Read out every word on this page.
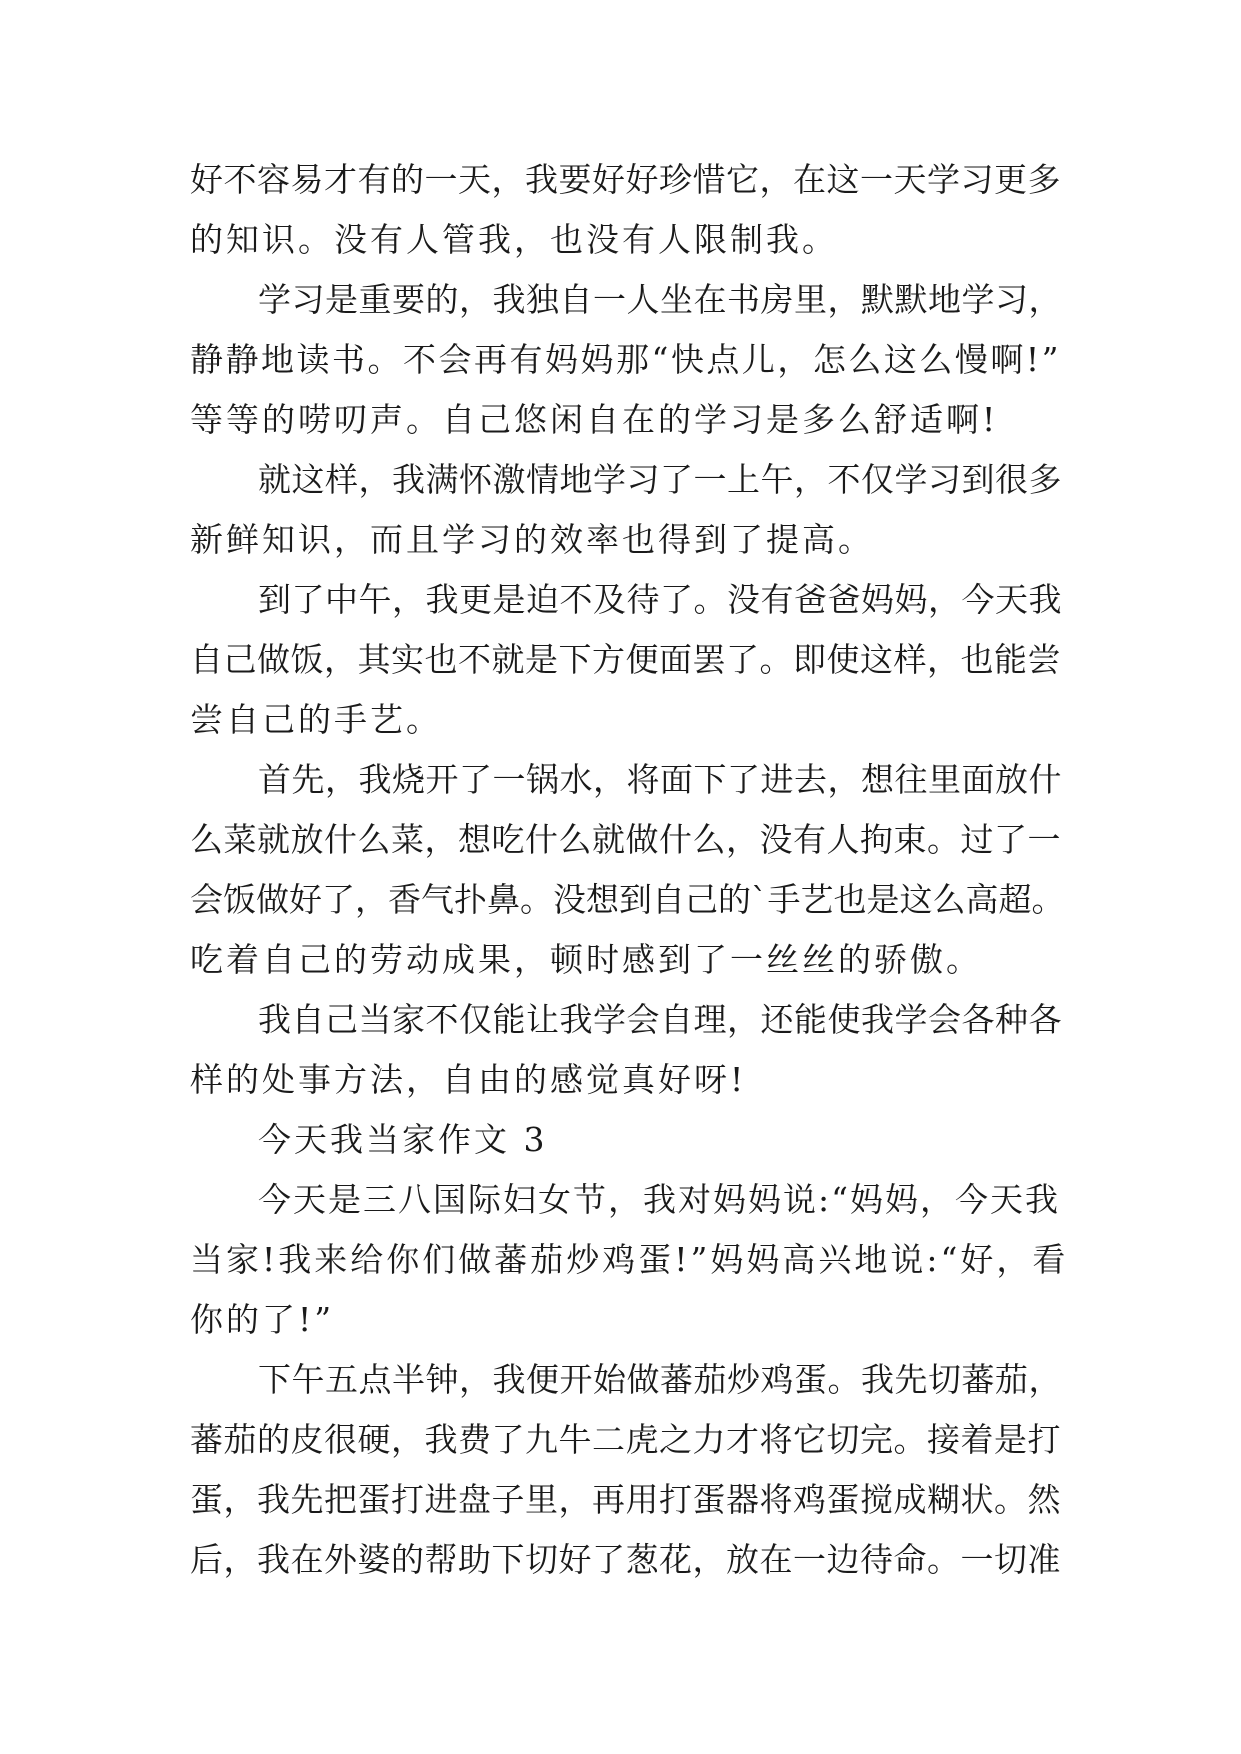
好不容易才有的一天，我要好好珍惜它，在这一天学习更多
的知识。没有人管我，也没有人限制我。
学习是重要的，我独自一人坐在书房里，默默地学习，
静静地读书。不会再有妈妈那“快点儿，怎么这么慢啊!”
等等的唠叨声。自己悠闲自在的学习是多么舒适啊!
就这样，我满怀激情地学习了一上午，不仅学习到很多
新鲜知识，而且学习的效率也得到了提高。
到了中午，我更是迫不及待了。没有爸爸妈妈，今天我
自己做饭，其实也不就是下方便面罢了。即使这样，也能尝
尝自己的手艺。
首先，我烧开了一锅水，将面下了进去，想往里面放什
么菜就放什么菜，想吃什么就做什么，没有人拘束。过了一
会饭做好了，香气扑鼻。没想到自己的`手艺也是这么高超。
吃着自己的劳动成果，顿时感到了一丝丝的骄傲。
我自己当家不仅能让我学会自理，还能使我学会各种各
样的处事方法，自由的感觉真好呀!
今天我当家作文 3
今天是三八国际妇女节，我对妈妈说:“妈妈，今天我
当家!我来给你们做蕃茄炒鸡蛋!”妈妈高兴地说:“好，看
你的了!”
下午五点半钟，我便开始做蕃茄炒鸡蛋。我先切蕃茄，
蕃茄的皮很硬，我费了九牛二虎之力才将它切完。接着是打
蛋，我先把蛋打进盘子里，再用打蛋器将鸡蛋搅成糊状。然
后，我在外婆的帮助下切好了葱花，放在一边待命。一切准
